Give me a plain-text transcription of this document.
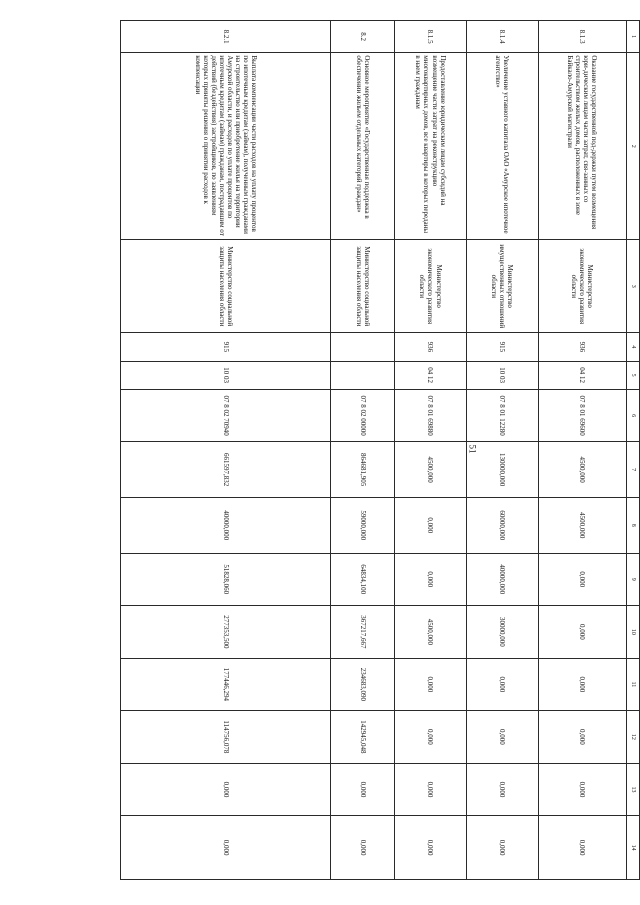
51
1	2	3	4	5	6	7	8	9	10	11	12	13	14
8.1.3	Оказание государственной под-держки путем возмещения юри-дическим лицам части затрат, свя-занных со строительством жилых домов, расположенных в зоне Байкало-Амурской магистрали	Министерство экономического развития области	936	04 12	07 8 01 69600	4500,000	4500,000	0,000	0,000	0,000	0,000	0,000	0,000
8.1.4	Увеличение уставного капитала ОАО «Амурское ипотечное агентство»	Министерство имущественных отношений области	915	10 03	07 8 01 12280	130000,000	60000,000	40000,000	30000,000	0,000	0,000	0,000	0,000
8.1.5	Предоставление юридическим лицам субсидий на возмещение части затрат на реконструкцию многоквартирных домов, все квартиры в которых переданы в наем гражданам	Министерство экономического развития области	936	04 12	07 8 01 69880	4500,000	0,000	0,000	4500,000	0,000	0,000	0,000	0,000
8.2	Основное мероприятие «Государственная поддержка в обеспечении жильем отдельных категорий граждан»	Министерство социальной защиты населения области			07 8 02 00000	864681,905	59000,000	64834,100	367217,667	234683,090	142945,048	0,000	0,000
8.2.1	Выплата компенсации части расходов на уплату процентов по ипотечным кредитам (займам), полученным гражданами на строительство или приобретение жилья на территории Амурской области, и расходов по уплате процентов по ипотечным кредитам (займам) гражданам, пострадавшим от действий (бездействия) застройщиков, по заявлениям которых приняты решения о принятии расходов к компенсации	Министерство социальной защиты населения области	915	10 03	07 8 02 70940	661597,832	40000,000	51828,060	277353,500	177446,294	114756,078	0,000	0,000
